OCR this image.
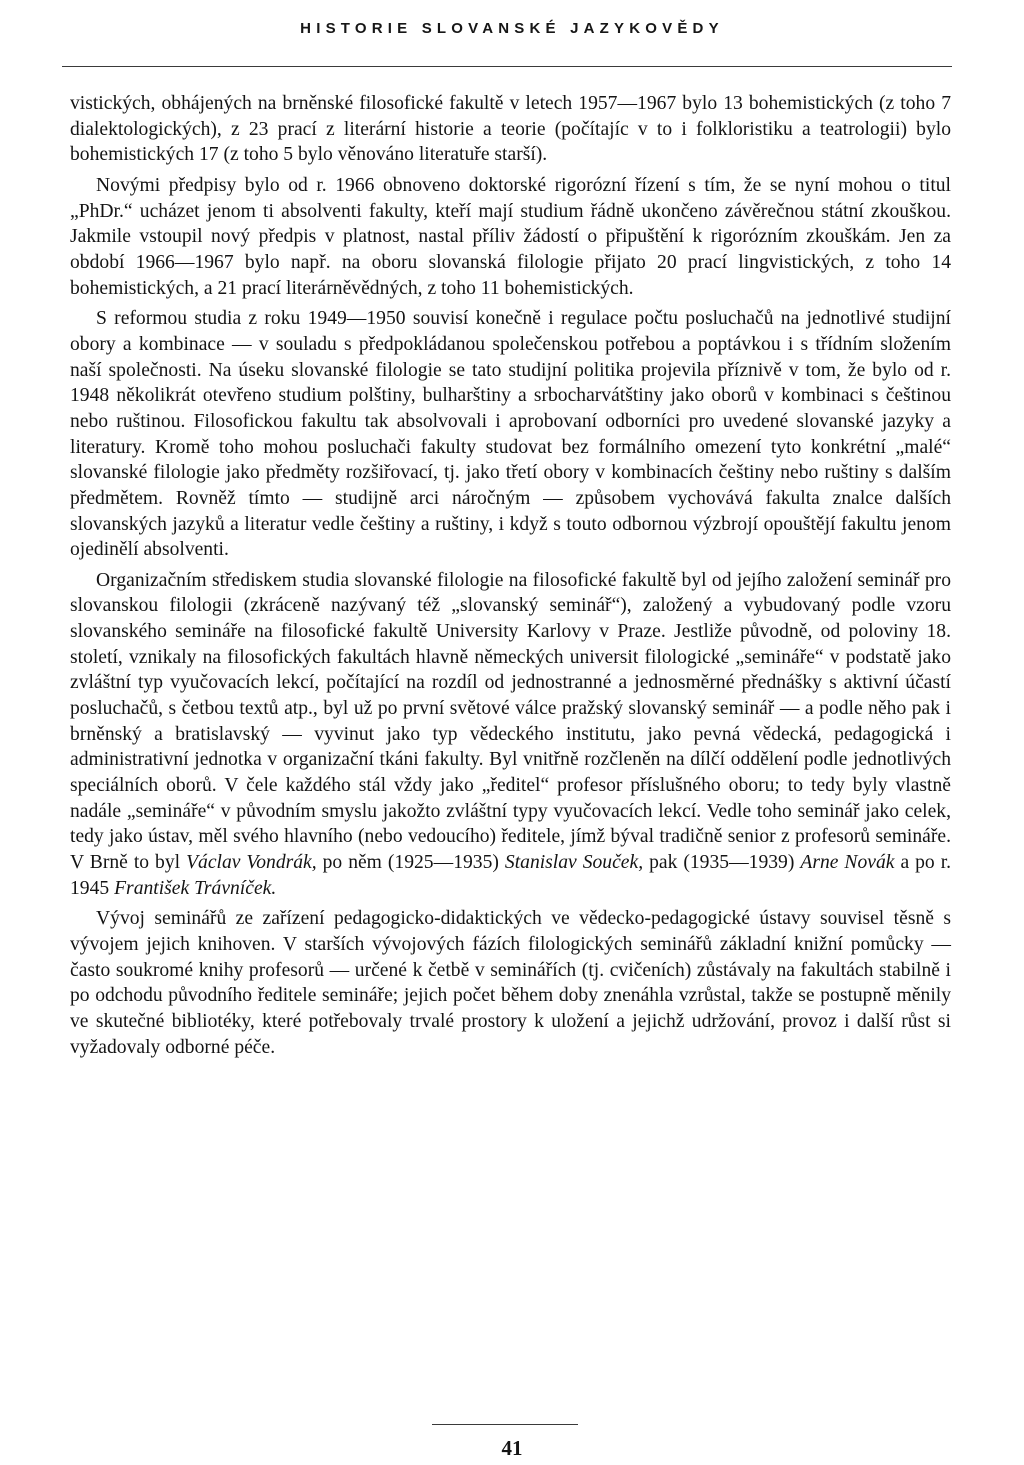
HISTORIE SLOVANSKÉ JAZYKOVĚDY

vistických, obhájených na brněnské filosofické fakultě v letech 1957—1967 bylo 13 bohemistických (z toho 7 dialektologických), z 23 prací z literární historie a teorie (počítajíc v to i folkloristiku a teatrologii) bylo bohemistických 17 (z toho 5 bylo věnováno literatuře starší).

Novými předpisy bylo od r. 1966 obnoveno doktorské rigorózní řízení s tím, že se nyní mohou o titul „PhDr.“ ucházet jenom ti absolventi fakulty, kteří mají studium řádně ukončeno závěrečnou státní zkouškou. Jakmile vstoupil nový předpis v platnost, nastal příliv žádostí o připuštění k rigorózním zkouškám. Jen za období 1966—1967 bylo např. na oboru slovanská filologie přijato 20 prací lingvistických, z toho 14 bohemistických, a 21 prací literárněvědných, z toho 11 bohemistických.

S reformou studia z roku 1949—1950 souvisí konečně i regulace počtu posluchačů na jednotlivé studijní obory a kombinace — v souladu s předpokládanou společenskou potřebou a poptávkou i s třídním složením naší společnosti. Na úseku slovanské filologie se tato studijní politika projevila příznivě v tom, že bylo od r. 1948 několikrát otevřeno studium polštiny, bulharštiny a srbocharvátštiny jako oborů v kombinaci s češtinou nebo ruštinou. Filosofickou fakultu tak absolvovali i aprobovaní odborníci pro uvedené slovanské jazyky a literatury. Kromě toho mohou posluchači fakulty studovat bez formálního omezení tyto konkrétní „malé“ slovanské filologie jako předměty rozšiřovací, tj. jako třetí obory v kombinacích češtiny nebo ruštiny s dalším předmětem. Rovněž tímto — studijně arci náročným — způsobem vychovává fakulta znalce dalších slovanských jazyků a literatur vedle češtiny a ruštiny, i když s touto odbornou výzbrojí opouštějí fakultu jenom ojedinělí absolventi.

Organizačním střediskem studia slovanské filologie na filosofické fakultě byl od jejího založení seminář pro slovanskou filologii (zkráceně nazývaný též „slovanský seminář“), založený a vybudovaný podle vzoru slovanského semináře na filosofické fakultě University Karlovy v Praze. Jestliže původně, od poloviny 18. století, vznikaly na filosofických fakultách hlavně německých universit filologické „semináře“ v podstatě jako zvláštní typ vyučovacích lekcí, počítající na rozdíl od jednostranné a jednosměrné přednášky s aktivní účastí posluchačů, s četbou textů atp., byl už po první světové válce pražský slovanský seminář — a podle něho pak i brněnský a bratislavský — vyvinut jako typ vědeckého institutu, jako pevná vědecká, pedagogická i administrativní jednotka v organizační tkáni fakulty. Byl vnitřně rozčleněn na dílčí oddělení podle jednotlivých speciálních oborů. V čele každého stál vždy jako „ředitel“ profesor příslušného oboru; to tedy byly vlastně nadále „semináře“ v původním smyslu jakožto zvláštní typy vyučovacích lekcí. Vedle toho seminář jako celek, tedy jako ústav, měl svého hlavního (nebo vedoucího) ředitele, jímž býval tradičně senior z profesorů semináře. V Brně to byl Václav Vondrák, po něm (1925—1935) Stanislav Souček, pak (1935—1939) Arne Novák a po r. 1945 František Trávníček.

Vývoj seminářů ze zařízení pedagogicko-didaktických ve vědecko-pedagogické ústavy souvisel těsně s vývojem jejich knihoven. V starších vývojových fázích filologických seminářů základní knižní pomůcky — často soukromé knihy profesorů — určené k četbě v seminářích (tj. cvičeních) zůstávaly na fakultách stabilně i po odchodu původního ředitele semináře; jejich počet během doby znenáhla vzrůstal, takže se postupně měnily ve skutečné bibliotéky, které potřebovaly trvalé prostory k uložení a jejichž udržování, provoz i další růst si vyžadovaly odborné péče.

41
